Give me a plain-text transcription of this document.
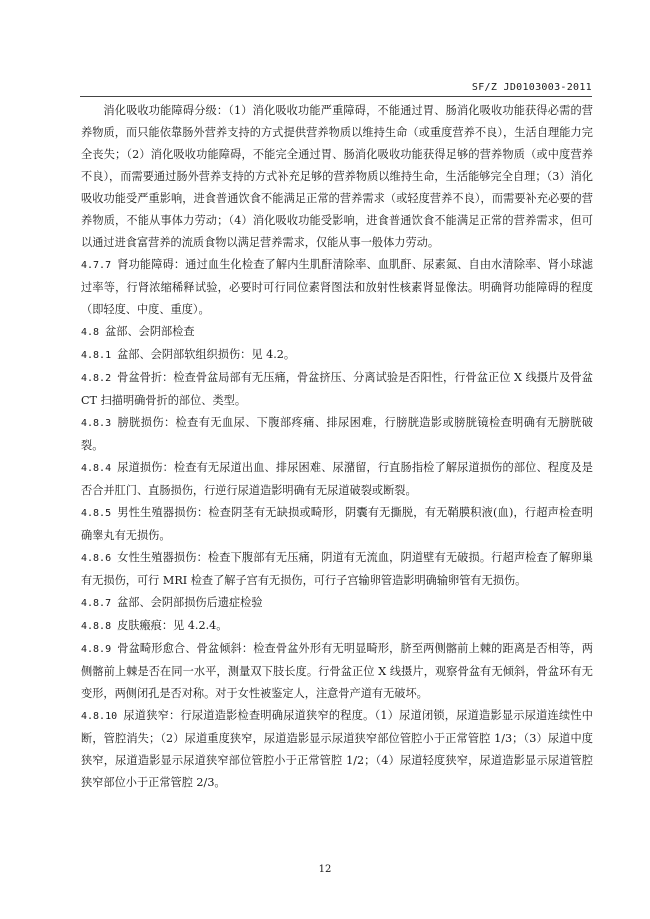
SF/Z JD0103003-2011

消化吸收功能障碍分级：（1）消化吸收功能严重障碍，不能通过胃、肠消化吸收功能获得必需的营养物质，而只能依靠肠外营养支持的方式提供营养物质以维持生命（或重度营养不良），生活自理能力完全丧失；（2）消化吸收功能障碍，不能完全通过胃、肠消化吸收功能获得足够的营养物质（或中度营养不良），而需要通过肠外营养支持的方式补充足够的营养物质以维持生命，生活能够完全自理；（3）消化吸收功能受严重影响，进食普通饮食不能满足正常的营养需求（或轻度营养不良），而需要补充必要的营养物质，不能从事体力劳动；（4）消化吸收功能受影响，进食普通饮食不能满足正常的营养需求，但可以通过进食富营养的流质食物以满足营养需求，仅能从事一般体力劳动。

4.7.7 肾功能障碍：通过血生化检查了解内生肌酐清除率、血肌酐、尿素氮、自由水清除率、肾小球滤过率等，行肾浓缩稀释试验，必要时可行同位素肾图法和放射性核素肾显像法。明确肾功能障碍的程度（即轻度、中度、重度）。

4.8 盆部、会阴部检查

4.8.1 盆部、会阴部软组织损伤：见 4.2。

4.8.2 骨盆骨折：检查骨盆局部有无压痛，骨盆挤压、分离试验是否阳性，行骨盆正位 X 线摄片及骨盆 CT 扫描明确骨折的部位、类型。

4.8.3 膀胱损伤：检查有无血尿、下腹部疼痛、排尿困难，行膀胱造影或膀胱镜检查明确有无膀胱破裂。

4.8.4 尿道损伤：检查有无尿道出血、排尿困难、尿潴留，行直肠指检了解尿道损伤的部位、程度及是否合并肛门、直肠损伤，行逆行尿道造影明确有无尿道破裂或断裂。

4.8.5 男性生殖器损伤：检查阴茎有无缺损或畸形，阴囊有无撕脱，有无鞘膜积液(血)，行超声检查明确睾丸有无损伤。

4.8.6 女性生殖器损伤：检查下腹部有无压痛，阴道有无流血，阴道壁有无破损。行超声检查了解卵巢有无损伤，可行 MRI 检查了解子宫有无损伤，可行子宫输卵管造影明确输卵管有无损伤。

4.8.7 盆部、会阴部损伤后遗症检验

4.8.8 皮肤瘢痕：见 4.2.4。

4.8.9 骨盆畸形愈合、骨盆倾斜：检查骨盆外形有无明显畸形，脐至两侧髂前上棘的距离是否相等，两侧髂前上棘是否在同一水平，测量双下肢长度。行骨盆正位 X 线摄片，观察骨盆有无倾斜，骨盆环有无变形，两侧闭孔是否对称。对于女性被鉴定人，注意骨产道有无破坏。

4.8.10 尿道狭窄：行尿道造影检查明确尿道狭窄的程度。（1）尿道闭锁，尿道造影显示尿道连续性中断，管腔消失；（2）尿道重度狭窄，尿道造影显示尿道狭窄部位管腔小于正常管腔 1/3；（3）尿道中度狭窄，尿道造影显示尿道狭窄部位管腔小于正常管腔 1/2；（4）尿道轻度狭窄，尿道造影显示尿道管腔狭窄部位小于正常管腔 2/3。

12
